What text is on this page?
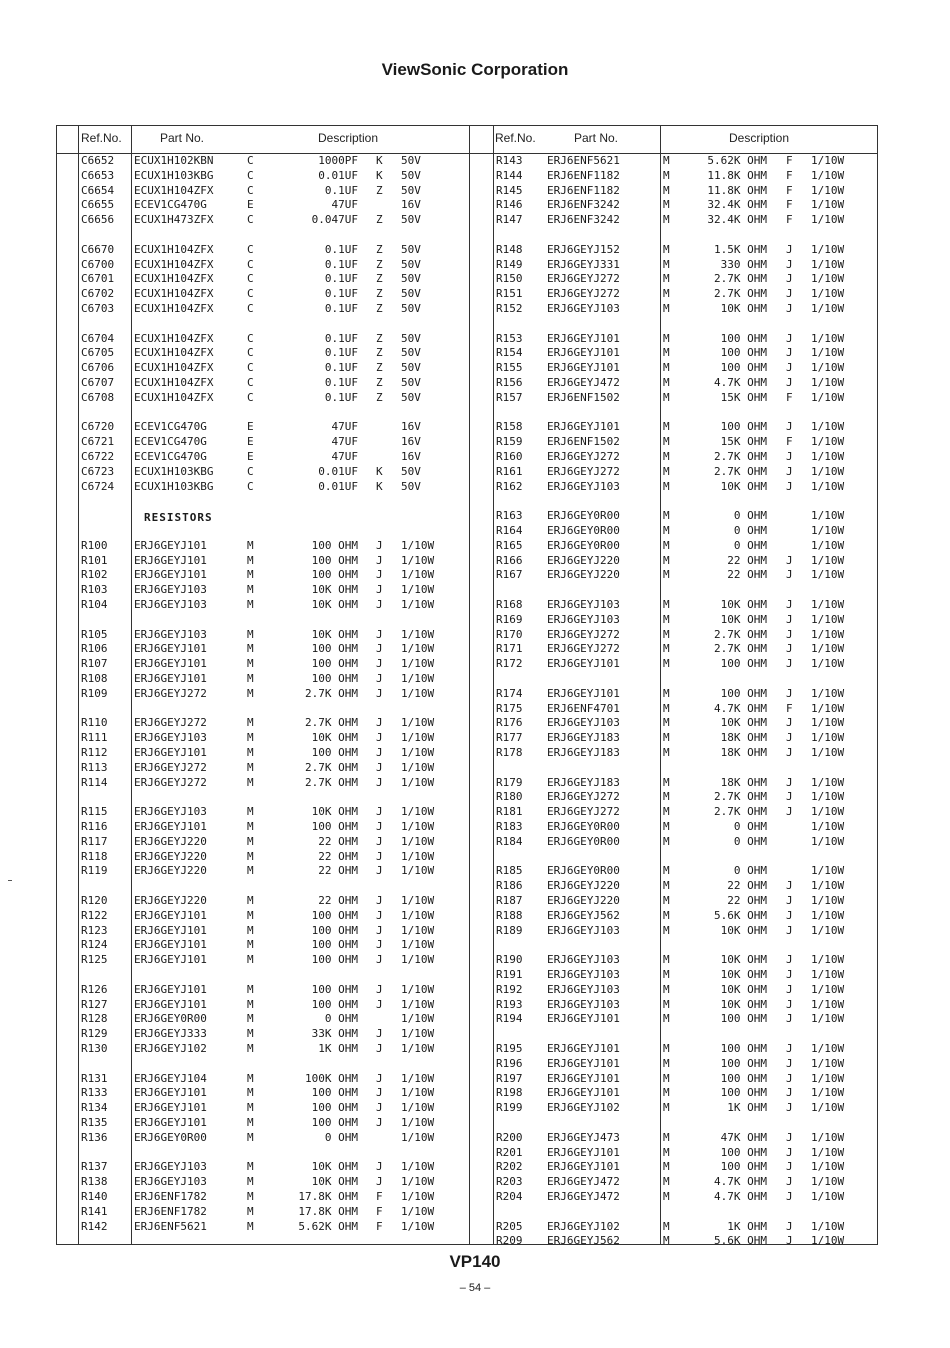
ViewSonic Corporation
Ref.No.	Part No.	Description	Ref.No.	Part No.	Description
C6652 ECUX1H102KBN	C	1000PF K 50V
C6653 ECUX1H103KBG	C	0.01UF K 50V
C6654 ECUX1H104ZFX	C	0.1UF Z 50V
C6655 ECEV1CG470G	E	47UF	16V
C6656 ECUX1H473ZFX	C	0.047UF Z 50V
C6670 ECUX1H104ZFX	C	0.1UF Z 50V
C6700 ECUX1H104ZFX	C	0.1UF Z 50V
C6701 ECUX1H104ZFX	C	0.1UF Z 50V
C6702 ECUX1H104ZFX	C	0.1UF Z 50V
C6703 ECUX1H104ZFX	C	0.1UF Z 50V
C6704 ECUX1H104ZFX	C	0.1UF Z 50V
C6705 ECUX1H104ZFX	C	0.1UF Z 50V
C6706 ECUX1H104ZFX	C	0.1UF Z 50V
C6707 ECUX1H104ZFX	C	0.1UF Z 50V
C6708 ECUX1H104ZFX	C	0.1UF Z 50V
C6720 ECEV1CG470G	E	47UF	16V
C6721 ECEV1CG470G	E	47UF	16V
C6722 ECEV1CG470G	E	47UF	16V
C6723 ECUX1H103KBG	C	0.01UF K 50V
C6724 ECUX1H103KBG	C	0.01UF K 50V
RESISTORS
R100 ERJ6GEYJ101	M	100 OHM J 1/10W
R101 ERJ6GEYJ101	M	100 OHM J 1/10W
R102 ERJ6GEYJ101	M	100 OHM J 1/10W
R103 ERJ6GEYJ103	M	10K OHM J 1/10W
R104 ERJ6GEYJ103	M	10K OHM J 1/10W
R105 ERJ6GEYJ103	M	10K OHM J 1/10W
R106 ERJ6GEYJ101	M	100 OHM J 1/10W
R107 ERJ6GEYJ101	M	100 OHM J 1/10W
R108 ERJ6GEYJ101	M	100 OHM J 1/10W
R109 ERJ6GEYJ272	M	2.7K OHM J 1/10W
R110 ERJ6GEYJ272	M	2.7K OHM J 1/10W
R111 ERJ6GEYJ103	M	10K OHM J 1/10W
R112 ERJ6GEYJ101	M	100 OHM J 1/10W
R113 ERJ6GEYJ272	M	2.7K OHM J 1/10W
R114 ERJ6GEYJ272	M	2.7K OHM J 1/10W
R115 ERJ6GEYJ103	M	10K OHM J 1/10W
R116 ERJ6GEYJ101	M	100 OHM J 1/10W
R117 ERJ6GEYJ220	M	22 OHM J 1/10W
R118 ERJ6GEYJ220	M	22 OHM J 1/10W
R119 ERJ6GEYJ220	M	22 OHM J 1/10W
R120 ERJ6GEYJ220	M	22 OHM J 1/10W
R122 ERJ6GEYJ101	M	100 OHM J 1/10W
R123 ERJ6GEYJ101	M	100 OHM J 1/10W
R124 ERJ6GEYJ101	M	100 OHM J 1/10W
R125 ERJ6GEYJ101	M	100 OHM J 1/10W
R126 ERJ6GEYJ101	M	100 OHM J 1/10W
R127 ERJ6GEYJ101	M	100 OHM J 1/10W
R128 ERJ6GEY0R00	M	0 OHM	1/10W
R129 ERJ6GEYJ333	M	33K OHM J 1/10W
R130 ERJ6GEYJ102	M	1K OHM J 1/10W
R131 ERJ6GEYJ104	M	100K OHM J 1/10W
R133 ERJ6GEYJ101	M	100 OHM J 1/10W
R134 ERJ6GEYJ101	M	100 OHM J 1/10W
R135 ERJ6GEYJ101	M	100 OHM J 1/10W
R136 ERJ6GEY0R00	M	0 OHM	1/10W
R137 ERJ6GEYJ103	M	10K OHM J 1/10W
R138 ERJ6GEYJ103	M	10K OHM J 1/10W
R140 ERJ6ENF1782	M	17.8K OHM F 1/10W
R141 ERJ6ENF1782	M	17.8K OHM F 1/10W
R142 ERJ6ENF5621	M	5.62K OHM F 1/10W
R143 ERJ6ENF5621	M	5.62K OHM F 1/10W
R144 ERJ6ENF1182	M	11.8K OHM F 1/10W
R145 ERJ6ENF1182	M	11.8K OHM F 1/10W
R146 ERJ6ENF3242	M	32.4K OHM F 1/10W
R147 ERJ6ENF3242	M	32.4K OHM F 1/10W
R148 ERJ6GEYJ152	M	1.5K OHM J 1/10W
R149 ERJ6GEYJ331	M	330 OHM J 1/10W
R150 ERJ6GEYJ272	M	2.7K OHM J 1/10W
R151 ERJ6GEYJ272	M	2.7K OHM J 1/10W
R152 ERJ6GEYJ103	M	10K OHM J 1/10W
R153 ERJ6GEYJ101	M	100 OHM J 1/10W
R154 ERJ6GEYJ101	M	100 OHM J 1/10W
R155 ERJ6GEYJ101	M	100 OHM J 1/10W
R156 ERJ6GEYJ472	M	4.7K OHM J 1/10W
R157 ERJ6ENF1502	M	15K OHM F 1/10W
R158 ERJ6GEYJ101	M	100 OHM J 1/10W
R159 ERJ6ENF1502	M	15K OHM F 1/10W
R160 ERJ6GEYJ272	M	2.7K OHM J 1/10W
R161 ERJ6GEYJ272	M	2.7K OHM J 1/10W
R162 ERJ6GEYJ103	M	10K OHM J 1/10W
R163 ERJ6GEY0R00	M	0 OHM	1/10W
R164 ERJ6GEY0R00	M	0 OHM	1/10W
R165 ERJ6GEY0R00	M	0 OHM	1/10W
R166 ERJ6GEYJ220	M	22 OHM J 1/10W
R167 ERJ6GEYJ220	M	22 OHM J 1/10W
R168 ERJ6GEYJ103	M	10K OHM J 1/10W
R169 ERJ6GEYJ103	M	10K OHM J 1/10W
R170 ERJ6GEYJ272	M	2.7K OHM J 1/10W
R171 ERJ6GEYJ272	M	2.7K OHM J 1/10W
R172 ERJ6GEYJ101	M	100 OHM J 1/10W
R174 ERJ6GEYJ101	M	100 OHM J 1/10W
R175 ERJ6ENF4701	M	4.7K OHM F 1/10W
R176 ERJ6GEYJ103	M	10K OHM J 1/10W
R177 ERJ6GEYJ183	M	18K OHM J 1/10W
R178 ERJ6GEYJ183	M	18K OHM J 1/10W
R179 ERJ6GEYJ183	M	18K OHM J 1/10W
R180 ERJ6GEYJ272	M	2.7K OHM J 1/10W
R181 ERJ6GEYJ272	M	2.7K OHM J 1/10W
R183 ERJ6GEY0R00	M	0 OHM	1/10W
R184 ERJ6GEY0R00	M	0 OHM	1/10W
R185 ERJ6GEY0R00	M	0 OHM	1/10W
R186 ERJ6GEYJ220	M	22 OHM J 1/10W
R187 ERJ6GEYJ220	M	22 OHM J 1/10W
R188 ERJ6GEYJ562	M	5.6K OHM J 1/10W
R189 ERJ6GEYJ103	M	10K OHM J 1/10W
R190 ERJ6GEYJ103	M	10K OHM J 1/10W
R191 ERJ6GEYJ103	M	10K OHM J 1/10W
R192 ERJ6GEYJ103	M	10K OHM J 1/10W
R193 ERJ6GEYJ103	M	10K OHM J 1/10W
R194 ERJ6GEYJ101	M	100 OHM J 1/10W
R195 ERJ6GEYJ101	M	100 OHM J 1/10W
R196 ERJ6GEYJ101	M	100 OHM J 1/10W
R197 ERJ6GEYJ101	M	100 OHM J 1/10W
R198 ERJ6GEYJ101	M	100 OHM J 1/10W
R199 ERJ6GEYJ102	M	1K OHM J 1/10W
R200 ERJ6GEYJ473	M	47K OHM J 1/10W
R201 ERJ6GEYJ101	M	100 OHM J 1/10W
R202 ERJ6GEYJ101	M	100 OHM J 1/10W
R203 ERJ6GEYJ472	M	4.7K OHM J 1/10W
R204 ERJ6GEYJ472	M	4.7K OHM J 1/10W
R205 ERJ6GEYJ102	M	1K OHM J 1/10W
R209 ERJ6GEYJ562	M	5.6K OHM J 1/10W
VP140
– 54 –
